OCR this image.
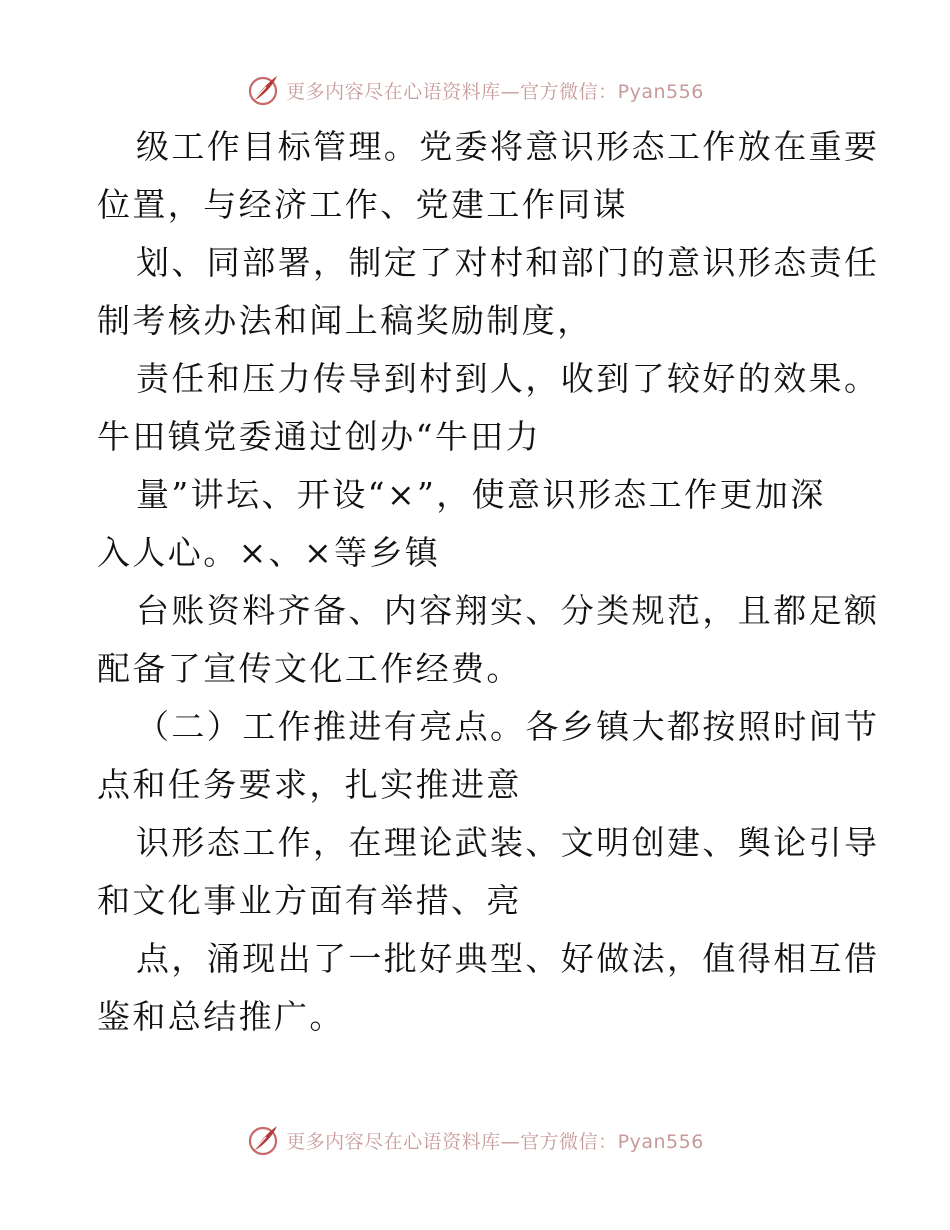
更多内容尽在心语资料库—官方微信：Pyan556
级工作目标管理。党委将意识形态工作放在重要
位置，与经济工作、党建工作同谋
划、同部署，制定了对村和部门的意识形态责任
制考核办法和闻上稿奖励制度，
责任和压力传导到村到人，收到了较好的效果。
牛田镇党委通过创办“牛田力
量”讲坛、开设“×”，使意识形态工作更加深
入人心。×、×等乡镇
台账资料齐备、内容翔实、分类规范，且都足额
配备了宣传文化工作经费。
（二）工作推进有亮点。各乡镇大都按照时间节
点和任务要求，扎实推进意
识形态工作，在理论武装、文明创建、舆论引导
和文化事业方面有举措、亮
点，涌现出了一批好典型、好做法，值得相互借
鉴和总结推广。
更多内容尽在心语资料库—官方微信：Pyan556
